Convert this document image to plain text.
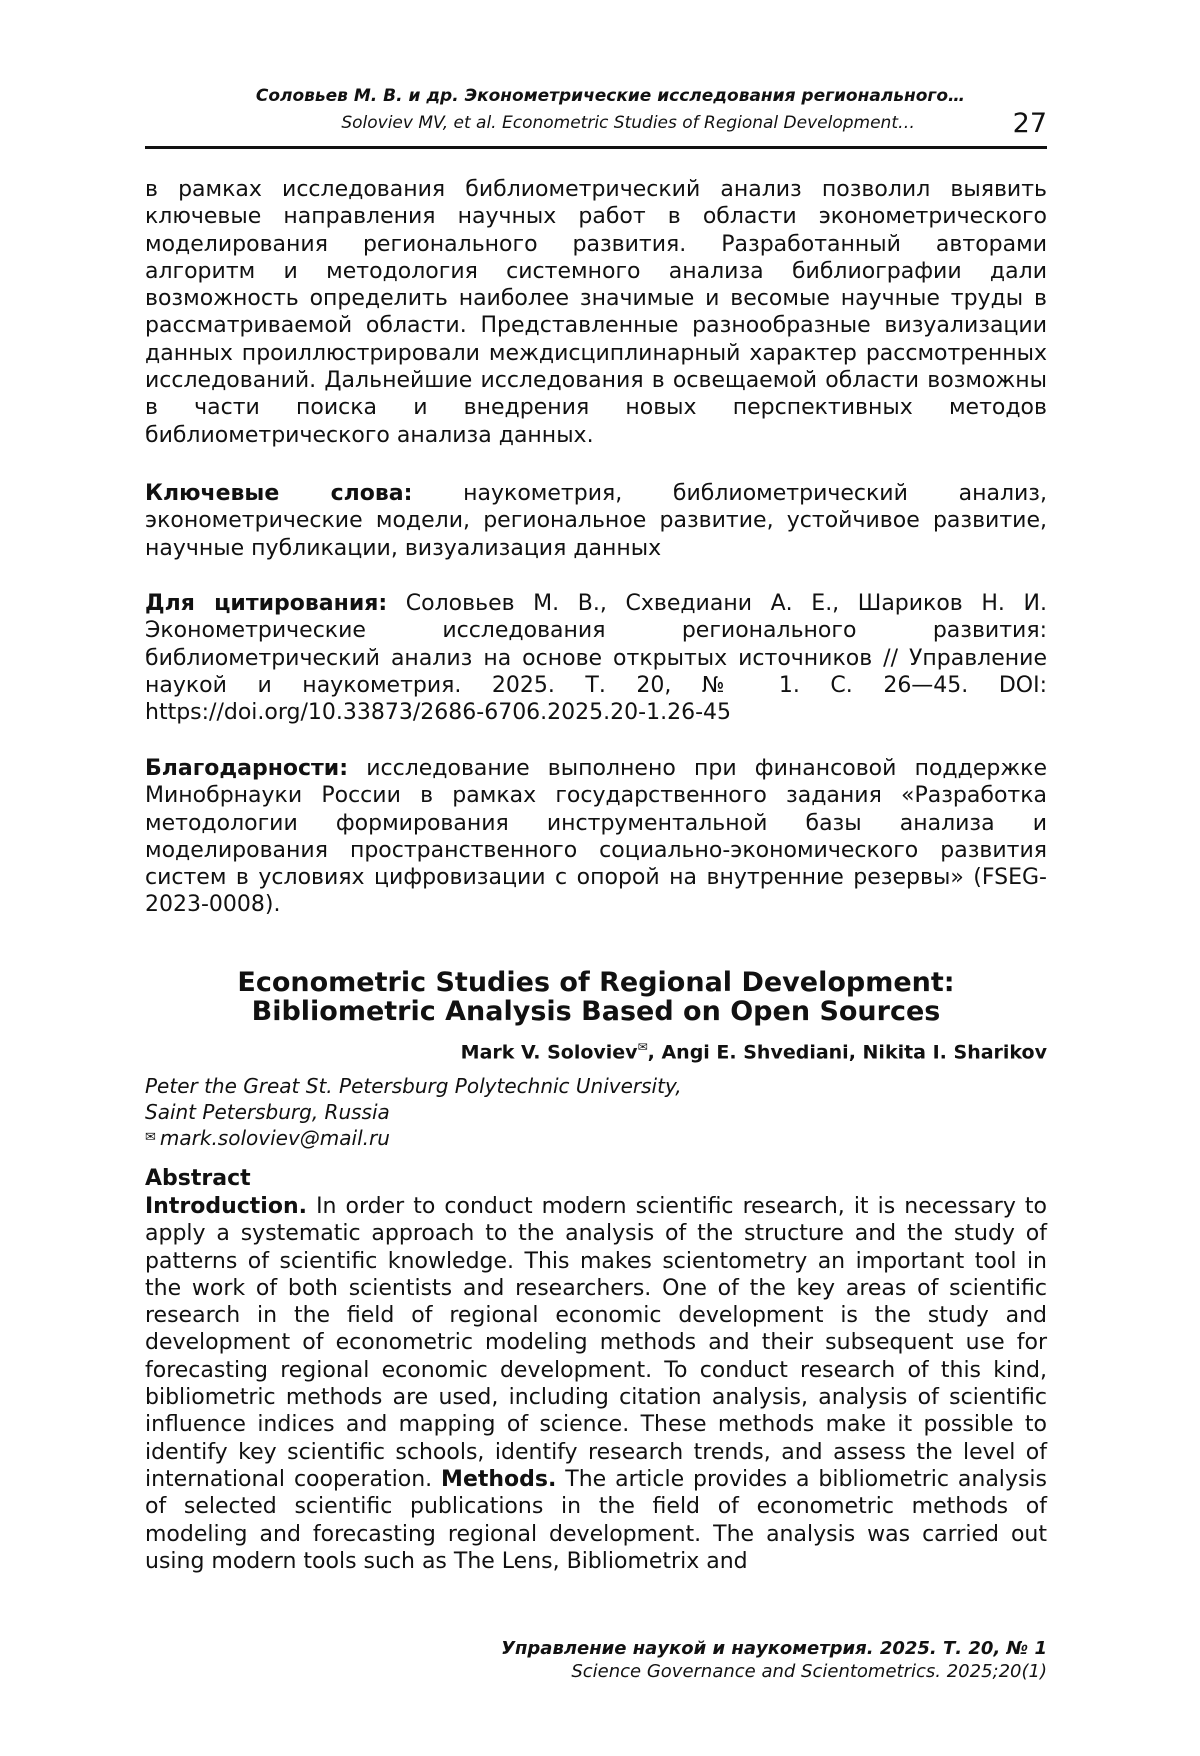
Соловьев М. В. и др. Эконометрические исследования регионального…
Soloviev MV, et al. Econometric Studies of Regional Development…	27

в рамках исследования библиометрический анализ позволил выявить ключевые направления научных работ в области эконометрического моделирования регионального развития. Разработанный авторами алгоритм и методология системного анализа библиографии дали возможность определить наиболее значимые и весомые научные труды в рассматриваемой области. Представленные разнообразные визуализации данных проиллюстрировали междисциплинарный характер рассмотренных исследований. Дальнейшие исследования в освещаемой области возможны в части поиска и внедрения новых перспективных методов библиометрического анализа данных.

Ключевые слова: наукометрия, библиометрический анализ, эконометрические модели, региональное развитие, устойчивое развитие, научные публикации, визуализация данных

Для цитирования: Соловьев М. В., Схведиани А. Е., Шариков Н. И. Эконометрические исследования регионального развития: библиометрический анализ на основе открытых источников // Управление наукой и наукометрия. 2025. Т. 20, № 1. С. 26—45. DOI: https://doi.org/10.33873/2686-6706.2025.20-1.26-45

Благодарности: исследование выполнено при финансовой поддержке Минобрнауки России в рамках государственного задания «Разработка методологии формирования инструментальной базы анализа и моделирования пространственного социально-экономического развития систем в условиях цифровизации с опорой на внутренние резервы» (FSEG-2023-0008).

Econometric Studies of Regional Development:
Bibliometric Analysis Based on Open Sources
Mark V. Soloviev✉, Angi E. Shvediani, Nikita I. Sharikov
Peter the Great St. Petersburg Polytechnic University,
Saint Petersburg, Russia
✉ mark.soloviev@mail.ru
Abstract

Introduction. In order to conduct modern scientific research, it is necessary to apply a systematic approach to the analysis of the structure and the study of patterns of scientific knowledge. This makes scientometry an important tool in the work of both scientists and researchers. One of the key areas of scientific research in the field of regional economic development is the study and development of econometric modeling methods and their subsequent use for forecasting regional economic development. To conduct research of this kind, bibliometric methods are used, including citation analysis, analysis of scientific influence indices and mapping of science. These methods make it possible to identify key scientific schools, identify research trends, and assess the level of international cooperation. Methods. The article provides a bibliometric analysis of selected scientific publications in the field of econometric methods of modeling and forecasting regional development. The analysis was carried out using modern tools such as The Lens, Bibliometrix and

Управление наукой и наукометрия. 2025. Т. 20, № 1
Science Governance and Scientometrics. 2025;20(1)
